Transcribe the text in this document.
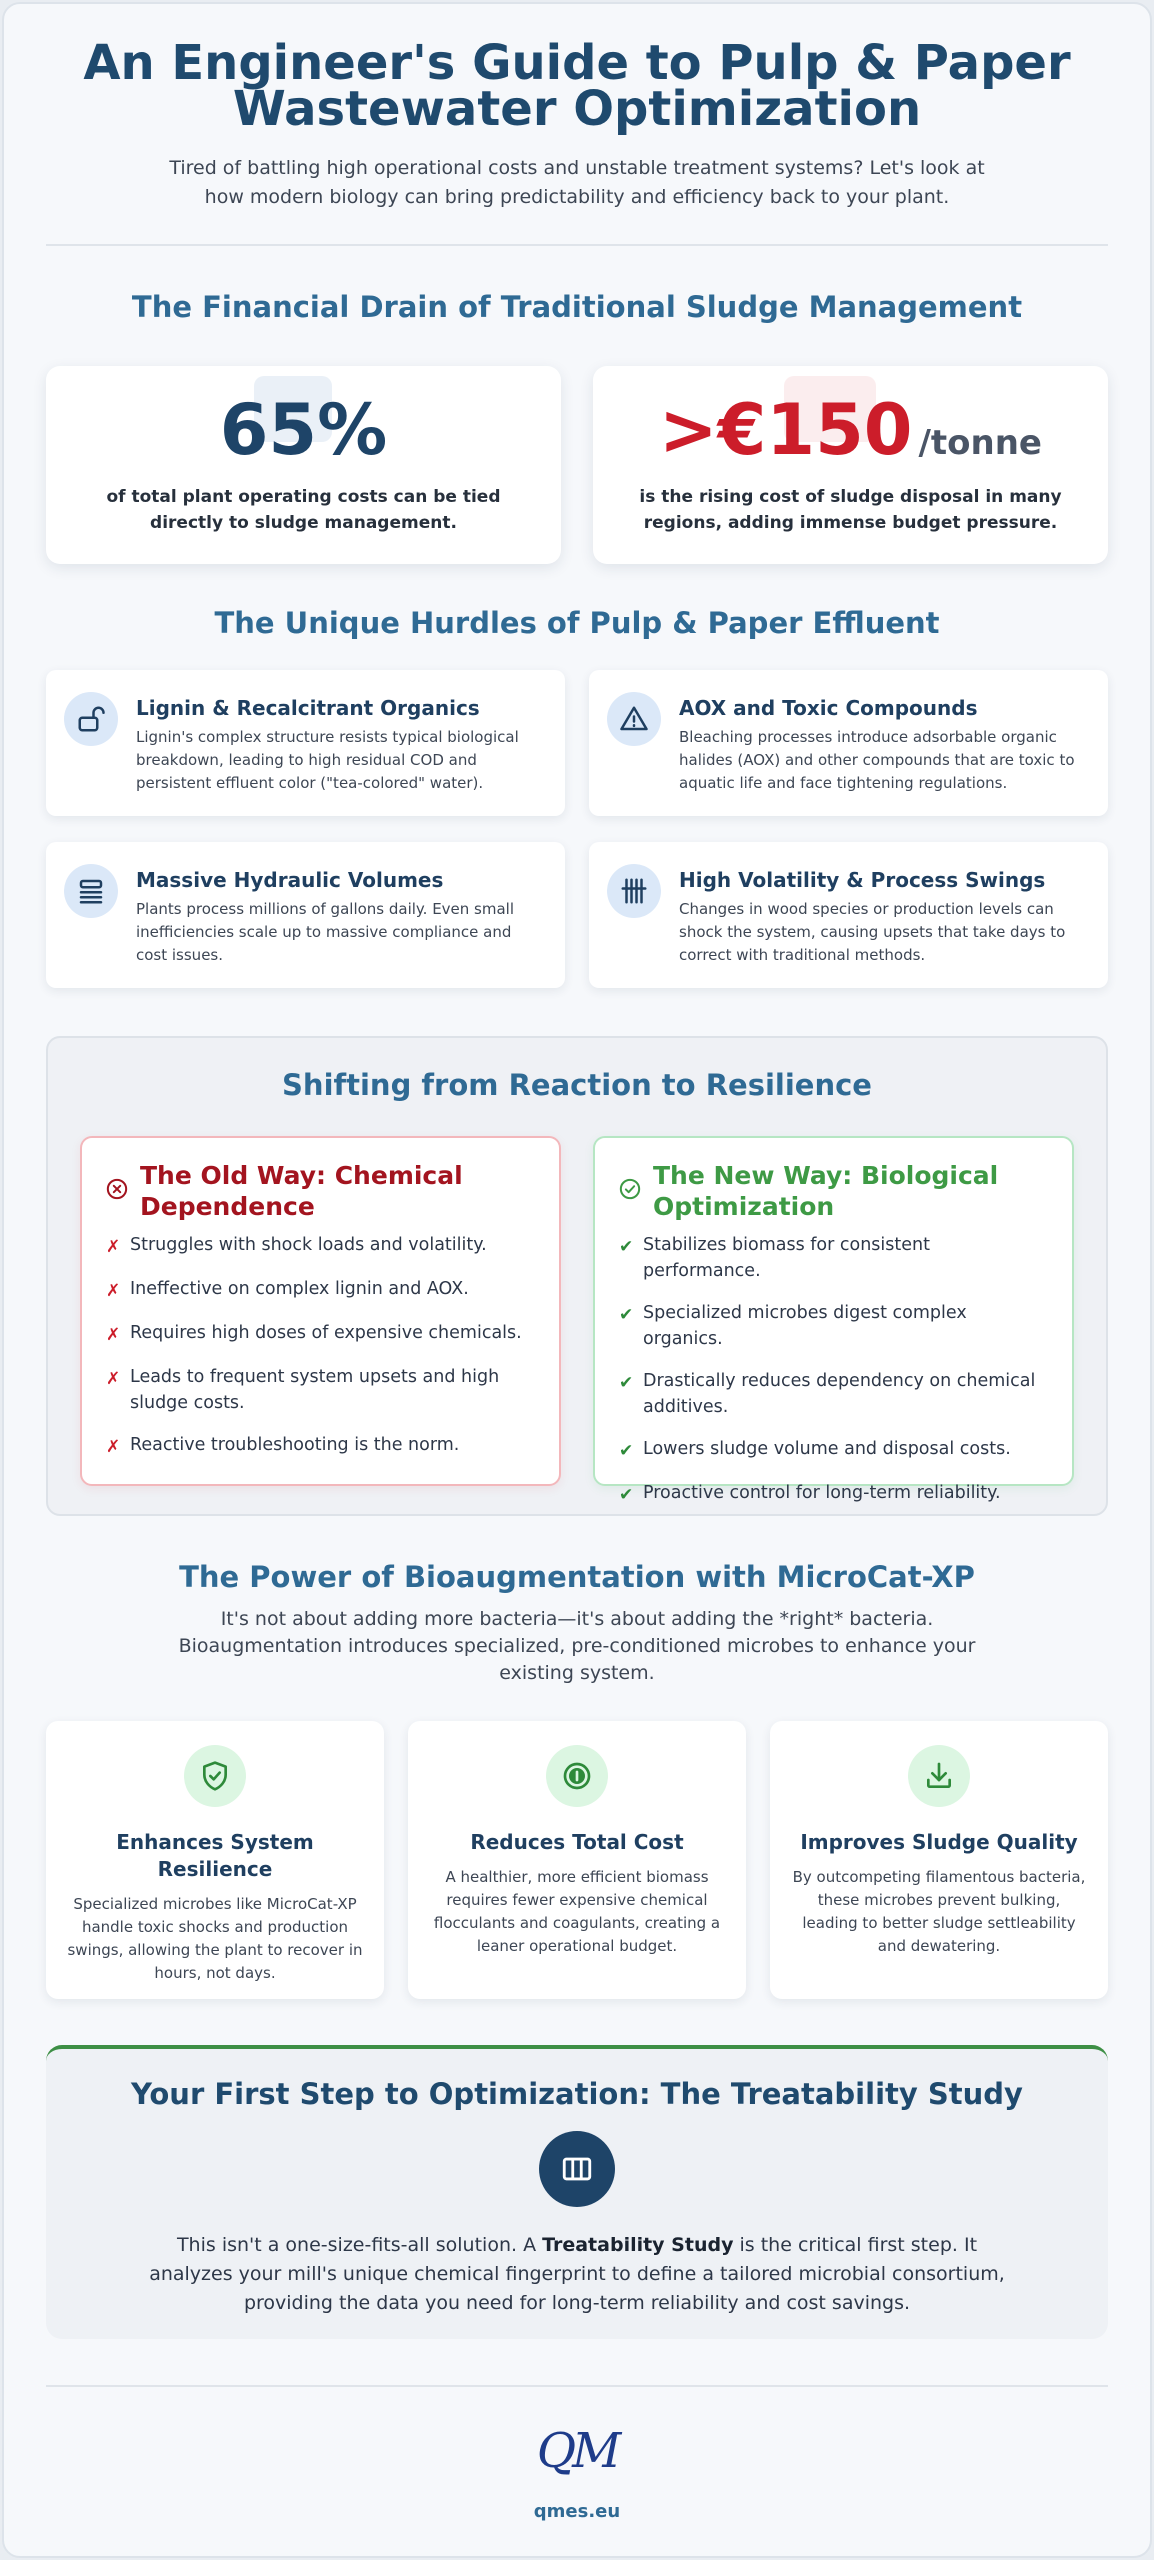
An Engineer's Guide to Pulp & Paper Wastewater Optimization

Tired of battling high operational costs and unstable treatment systems? Let's look at how modern biology can bring predictability and efficiency back to your plant.

The Financial Drain of Traditional Sludge Management
65%

of total plant operating costs can be tied directly to sludge management.

>€150 /tonne

is the rising cost of sludge disposal in many regions, adding immense budget pressure.

The Unique Hurdles of Pulp & Paper Effluent
Lignin & Recalcitrant Organics
Lignin's complex structure resists typical biological breakdown, leading to high residual COD and persistent effluent color ("tea-colored" water).
AOX and Toxic Compounds
Bleaching processes introduce adsorbable organic halides (AOX) and other compounds that are toxic to aquatic life and face tightening regulations.
Massive Hydraulic Volumes
Plants process millions of gallons daily. Even small inefficiencies scale up to massive compliance and cost issues.
High Volatility & Process Swings
Changes in wood species or production levels can shock the system, causing upsets that take days to correct with traditional methods.
Shifting from Reaction to Resilience
The Old Way: Chemical Dependence
✗ Struggles with shock loads and volatility.
✗ Ineffective on complex lignin and AOX.
✗ Requires high doses of expensive chemicals.
✗ Leads to frequent system upsets and high sludge costs.
✗ Reactive troubleshooting is the norm.
The New Way: Biological Optimization
✔ Stabilizes biomass for consistent performance.
✔ Specialized microbes digest complex organics.
✔ Drastically reduces dependency on chemical additives.
✔ Lowers sludge volume and disposal costs.
✔ Proactive control for long-term reliability.
The Power of Bioaugmentation with MicroCat-XP

It's not about adding more bacteria—it's about adding the *right* bacteria. Bioaugmentation introduces specialized, pre-conditioned microbes to enhance your existing system.

Enhances System Resilience
Specialized microbes like MicroCat-XP handle toxic shocks and production swings, allowing the plant to recover in hours, not days.
Reduces Total Cost
A healthier, more efficient biomass requires fewer expensive chemical flocculants and coagulants, creating a leaner operational budget.
Improves Sludge Quality
By outcompeting filamentous bacteria, these microbes prevent bulking, leading to better sludge settleability and dewatering.
Your First Step to Optimization: The Treatability Study

This isn't a one-size-fits-all solution. A Treatability Study is the critical first step. It analyzes your mill's unique chemical fingerprint to define a tailored microbial consortium, providing the data you need for long-term reliability and cost savings.

QM
qmes.eu
